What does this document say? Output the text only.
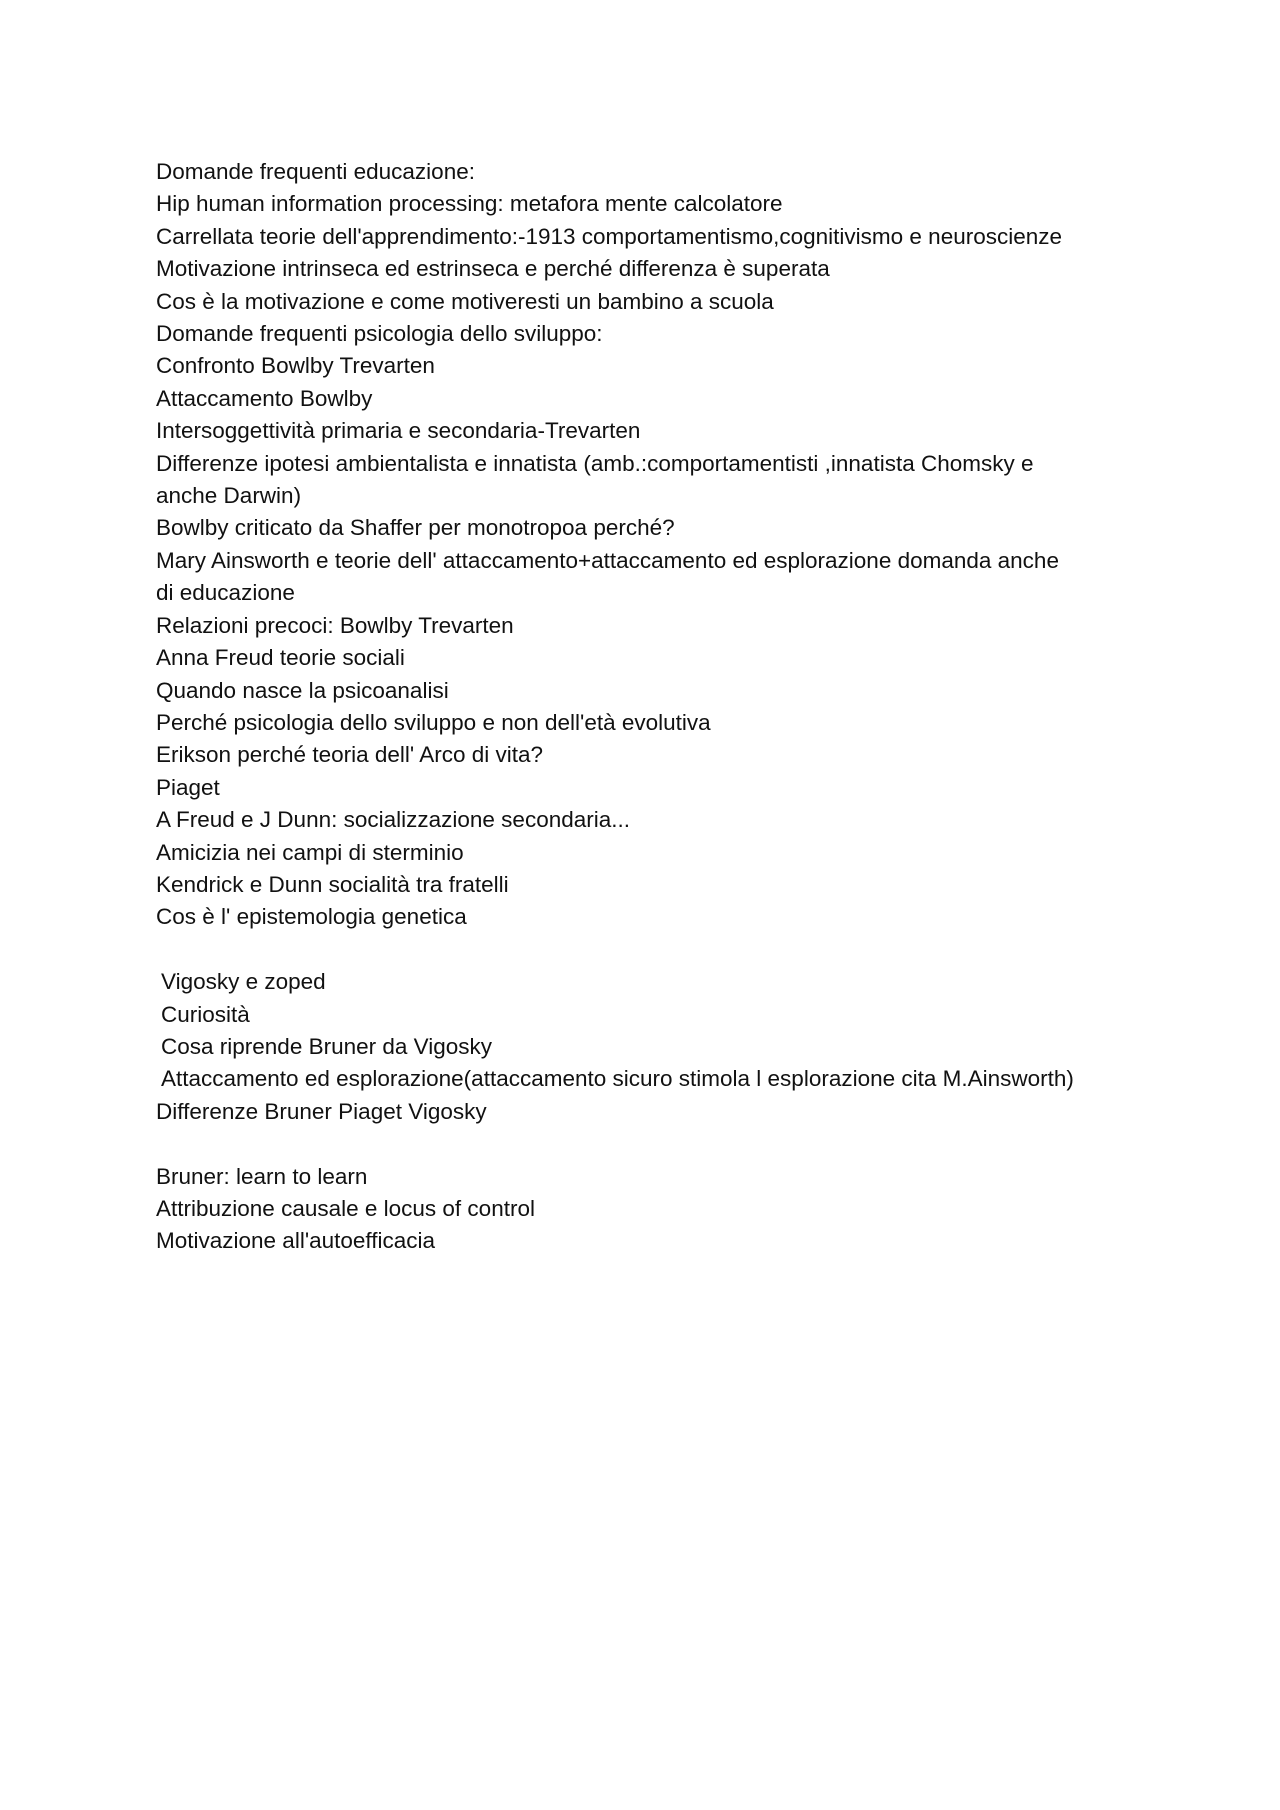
Domande frequenti educazione:
Hip human information processing: metafora mente calcolatore
Carrellata teorie dell'apprendimento:-1913 comportamentismo,cognitivismo e neuroscienze
Motivazione intrinseca ed estrinseca e perché differenza è superata
Cos è la motivazione e come motiveresti un bambino a scuola
Domande frequenti psicologia dello sviluppo:
Confronto Bowlby Trevarten
Attaccamento Bowlby
Intersoggettività primaria e secondaria-Trevarten
Differenze ipotesi ambientalista e innatista (amb.:comportamentisti ,innatista Chomsky e
anche Darwin)
Bowlby criticato da Shaffer per monotropoa perché?
Mary Ainsworth e teorie dell' attaccamento+attaccamento ed esplorazione domanda anche
di educazione
Relazioni precoci: Bowlby Trevarten
Anna Freud teorie sociali
Quando nasce la psicoanalisi
Perché psicologia dello sviluppo e non dell'età evolutiva
Erikson perché teoria dell' Arco di vita?
Piaget
A Freud e J Dunn: socializzazione secondaria...
Amicizia nei campi di sterminio
Kendrick e Dunn socialità tra fratelli
Cos è l' epistemologia genetica
Vigosky e zoped
Curiosità
Cosa riprende Bruner da Vigosky
Attaccamento ed esplorazione(attaccamento sicuro stimola l esplorazione cita M.Ainsworth)
Differenze Bruner Piaget Vigosky
Bruner: learn to learn
Attribuzione causale e locus of control
Motivazione all'autoefficacia
